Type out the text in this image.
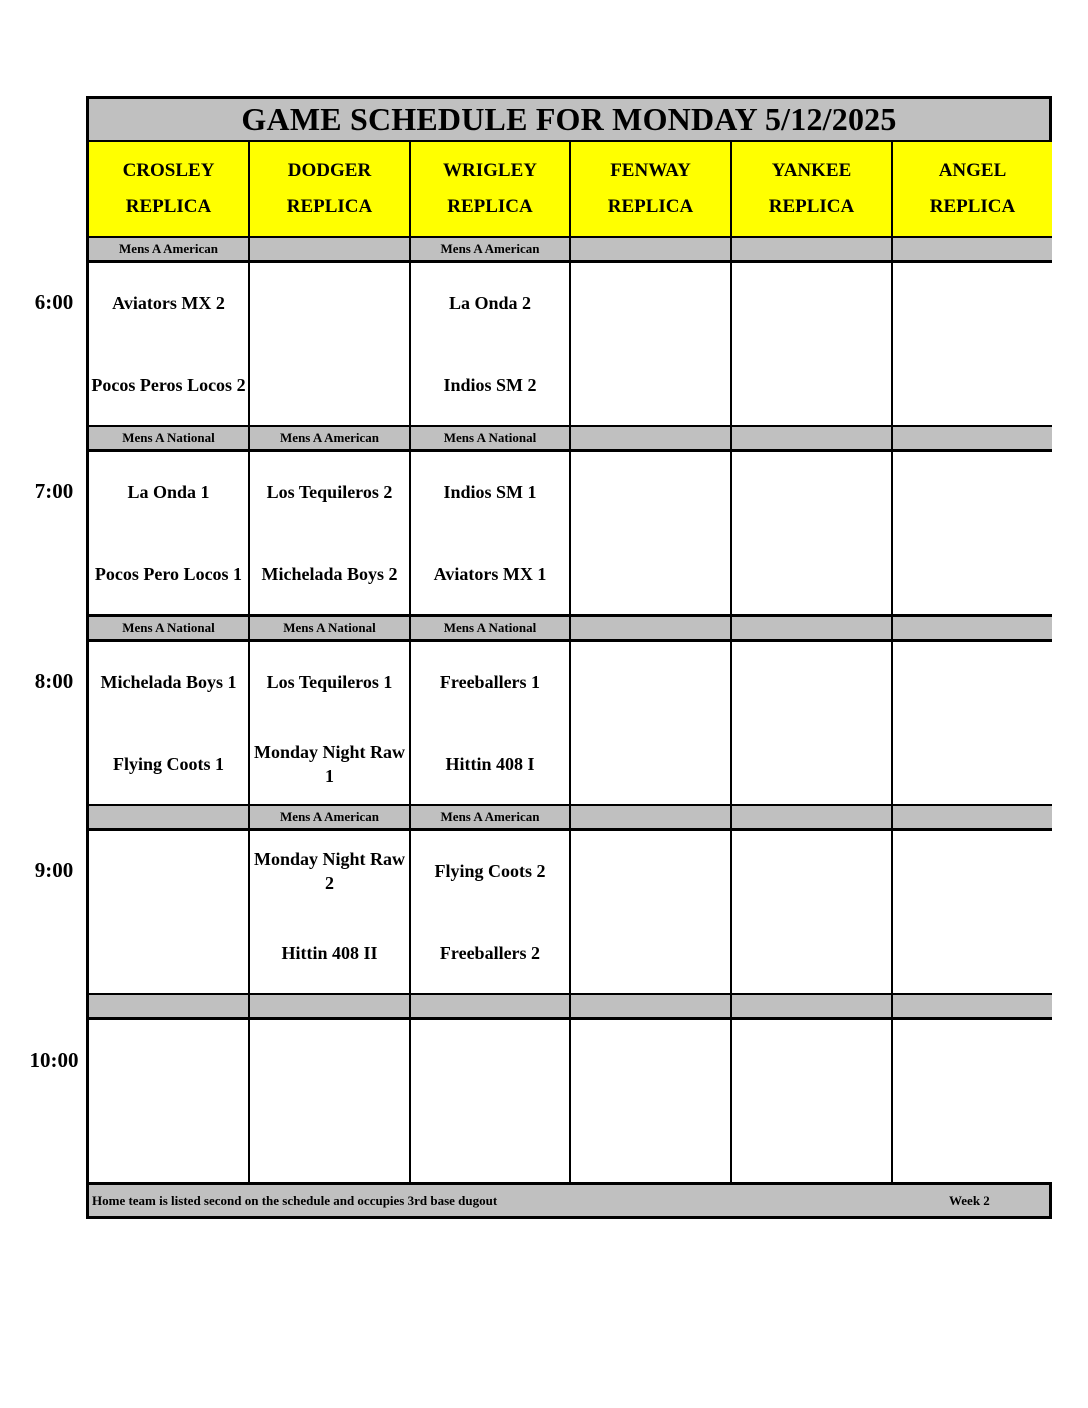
6:00
7:00
8:00
9:00
10:00
GAME SCHEDULE FOR MONDAY 5/12/2025
CROSLEY
REPLICA
DODGER
REPLICA
WRIGLEY
REPLICA
FENWAY
REPLICA
YANKEE
REPLICA
ANGEL
REPLICA
Mens A American
Aviators MX 2
Pocos Peros Locos 2
Mens A American
La Onda 2
Indios SM 2
Mens A National
La Onda 1
Pocos Pero Locos 1
Mens A American
Los Tequileros 2
Michelada Boys 2
Mens A National
Indios SM 1
Aviators MX 1
Mens A National
Michelada Boys 1
Flying Coots 1
Mens A National
Los Tequileros 1
Monday Night Raw 1
Mens A National
Freeballers 1
Hittin 408 I
Mens A American
Monday Night Raw 2
Hittin 408 II
Mens A American
Flying Coots 2
Freeballers 2
Home team is listed second on the schedule and occupies 3rd base dugout	Week 2
